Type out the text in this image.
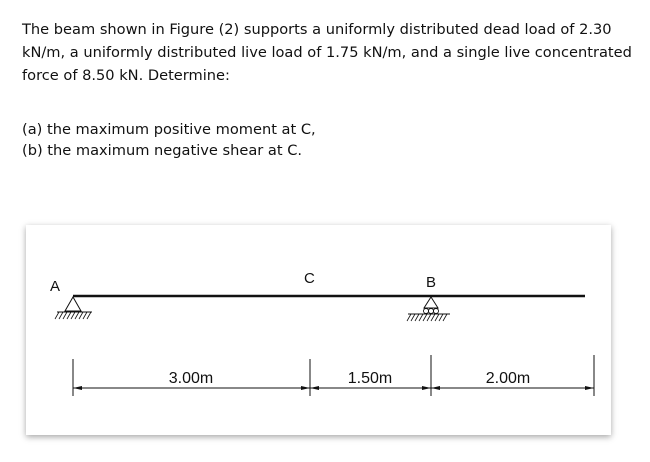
The beam shown in Figure (2) supports a uniformly distributed dead load of 2.30 kN/m, a uniformly distributed live load of 1.75 kN/m, and a single live concentrated force of 8.50 kN. Determine:

(a) the maximum positive moment at C,
(b) the maximum negative shear at C.
A	C	B
3.00m	1.50m	2.00m
